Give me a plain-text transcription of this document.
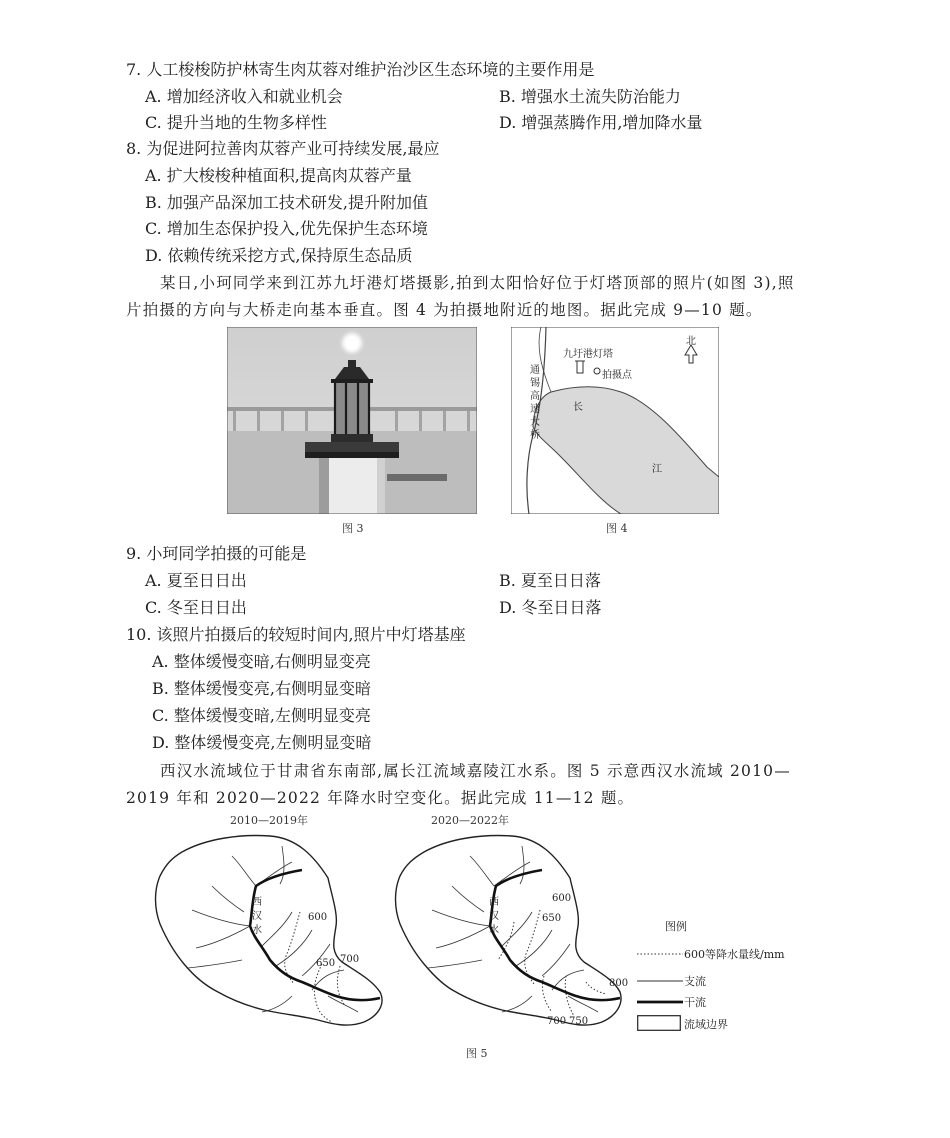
7. 人工梭梭防护林寄生肉苁蓉对维护治沙区生态环境的主要作用是
A. 增加经济收入和就业机会	B. 增强水土流失防治能力
C. 提升当地的生物多样性	D. 增强蒸腾作用,增加降水量
8. 为促进阿拉善肉苁蓉产业可持续发展,最应
A. 扩大梭梭种植面积,提高肉苁蓉产量
B. 加强产品深加工技术研发,提升附加值
C. 增加生态保护投入,优先保护生态环境
D. 依赖传统采挖方式,保持原生态品质
某日,小珂同学来到江苏九圩港灯塔摄影,拍到太阳恰好位于灯塔顶部的照片(如图 3),照
片拍摄的方向与大桥走向基本垂直。图 4 为拍摄地附近的地图。据此完成 9—10 题。
图 3
九圩港灯塔
拍摄点
北
通
锡
高
速
大
桥
长
江
图 4
9. 小珂同学拍摄的可能是
A. 夏至日日出	B. 夏至日日落
C. 冬至日日出	D. 冬至日日落
10. 该照片拍摄后的较短时间内,照片中灯塔基座
A. 整体缓慢变暗,右侧明显变亮
B. 整体缓慢变亮,右侧明显变暗
C. 整体缓慢变暗,左侧明显变亮
D. 整体缓慢变亮,左侧明显变暗
西汉水流域位于甘肃省东南部,属长江流域嘉陵江水系。图 5 示意西汉水流域 2010—
2019 年和 2020—2022 年降水时空变化。据此完成 11—12 题。
2010—2019年	2020—2022年
西
汉
水
600
650 700
西
汉
水
600
650
700 750
800
图例
600等降水量线/mm
支流
干流
流域边界
图 5
